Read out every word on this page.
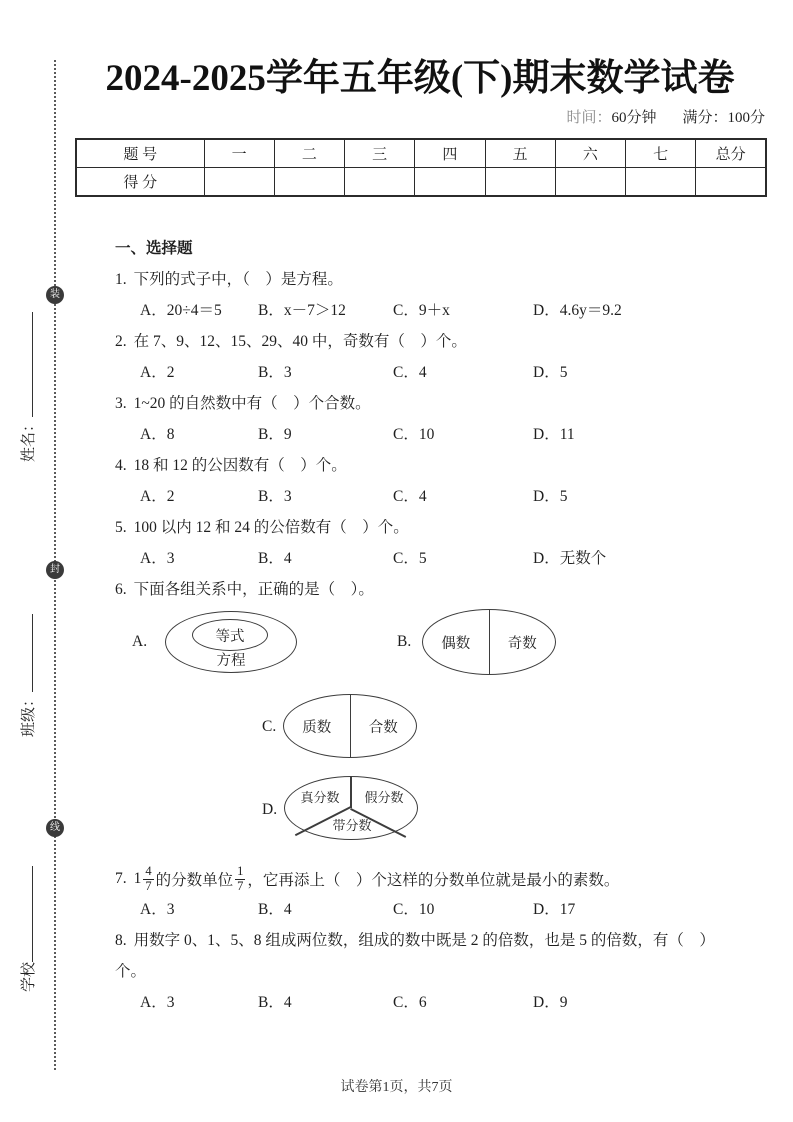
装
封
线
姓名：
班级：
学校
2024-2025学年五年级(下)期末数学试卷
时间：60分钟 满分：100分
题 号	一	二	三	四	五	六	七	总分
得 分								
一、选择题
1. 下列的式子中，（　）是方程。
A．20÷4＝5	B．x－7＞12	C．9＋x	D．4.6y＝9.2
2. 在 7、9、12、15、29、40 中，奇数有（　）个。
A．2	B．3	C．4	D．5
3. 1~20 的自然数中有（　）个合数。
A．8	B．9	C．10	D．11
4. 18 和 12 的公因数有（　）个。
A．2	B．3	C．4	D．5
5. 100 以内 12 和 24 的公倍数有（　）个。
A．3	B．4	C．5	D．无数个
6. 下面各组关系中，正确的是（　）。
A.	等式
方程
B.	偶数	奇数
C.	质数	合数
D.
真分数	假分数
带分数
7. $1 \frac{4}{7}$ 的分数单位 $\frac{1}{7}$ ，它再添上（　）个这样的分数单位就是最小的素数。
A．3	B．4	C．10	D．17
8. 用数字 0、1、5、8 组成两位数，组成的数中既是 2 的倍数，也是 5 的倍数，有（　）
个。
A．3	B．4	C．6	D．9
试卷第1页，共7页
